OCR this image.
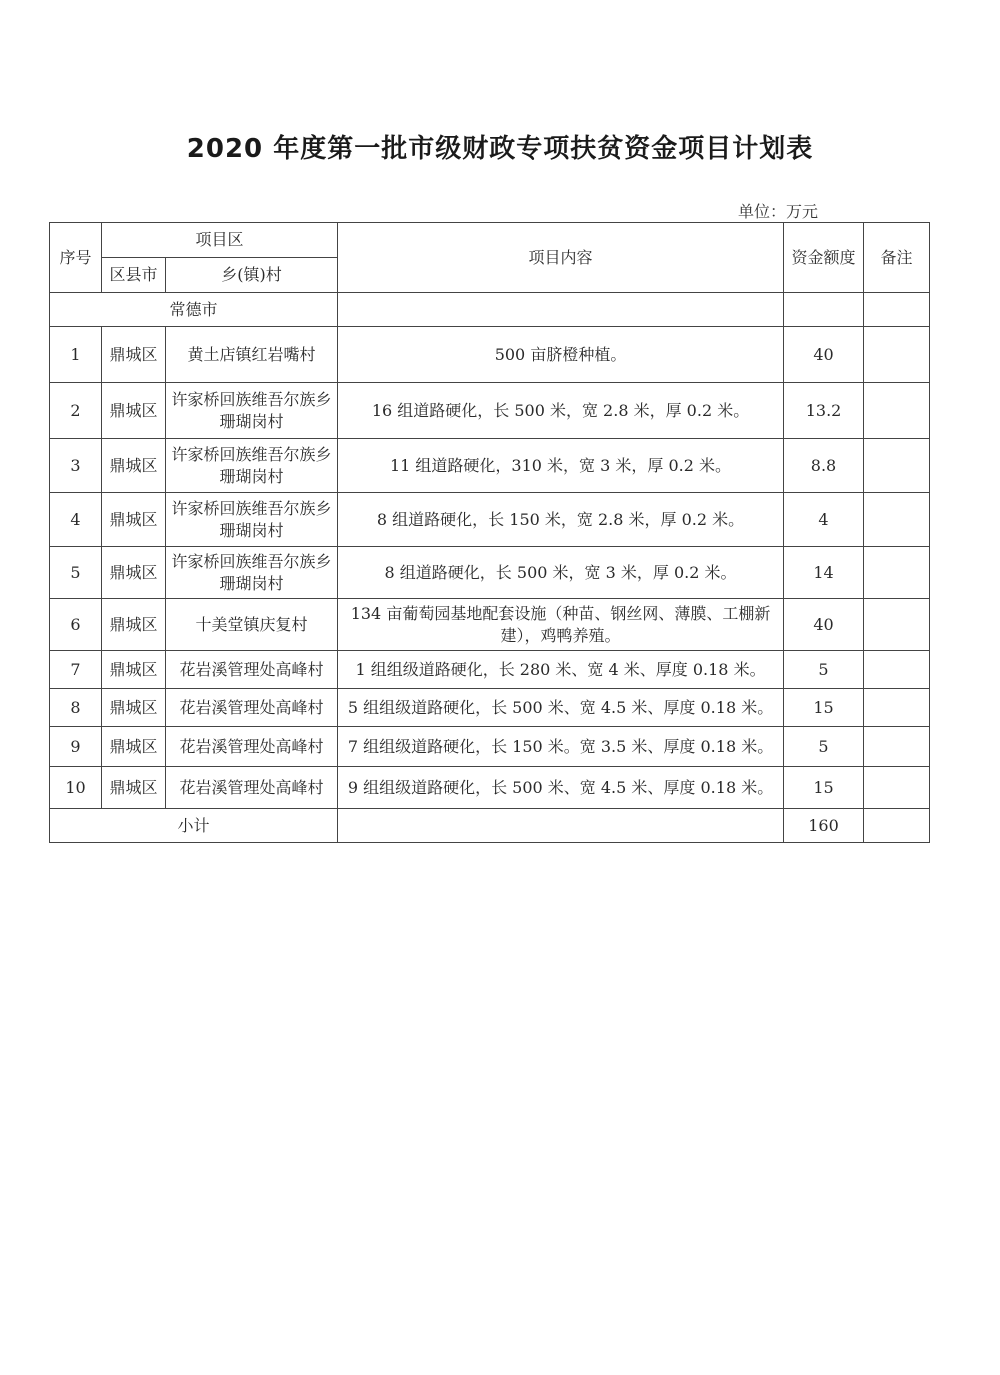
2020 年度第一批市级财政专项扶贫资金项目计划表
单位：万元
序号	项目区		项目内容	资金额度	备注
	区县市	乡(镇)村			
常德市					
1	鼎城区	黄土店镇红岩嘴村	500 亩脐橙种植。	40	
2	鼎城区	许家桥回族维吾尔族乡珊瑚岗村	16 组道路硬化，长 500 米，宽 2.8 米，厚 0.2 米。	13.2	
3	鼎城区	许家桥回族维吾尔族乡珊瑚岗村	11 组道路硬化，310 米，宽 3 米，厚 0.2 米。	8.8	
4	鼎城区	许家桥回族维吾尔族乡珊瑚岗村	8 组道路硬化，长 150 米，宽 2.8 米，厚 0.2 米。	4	
5	鼎城区	许家桥回族维吾尔族乡珊瑚岗村	8 组道路硬化，长 500 米，宽 3 米，厚 0.2 米。	14	
6	鼎城区	十美堂镇庆复村	134 亩葡萄园基地配套设施（种苗、钢丝网、薄膜、工棚新建），鸡鸭养殖。	40	
7	鼎城区	花岩溪管理处高峰村	1 组组级道路硬化，长 280 米、宽 4 米、厚度 0.18 米。	5	
8	鼎城区	花岩溪管理处高峰村	5 组组级道路硬化，长 500 米、宽 4.5 米、厚度 0.18 米。	15	
9	鼎城区	花岩溪管理处高峰村	7 组组级道路硬化，长 150 米。宽 3.5 米、厚度 0.18 米。	5	
10	鼎城区	花岩溪管理处高峰村	9 组组级道路硬化，长 500 米、宽 4.5 米、厚度 0.18 米。	15	
小计				160	
